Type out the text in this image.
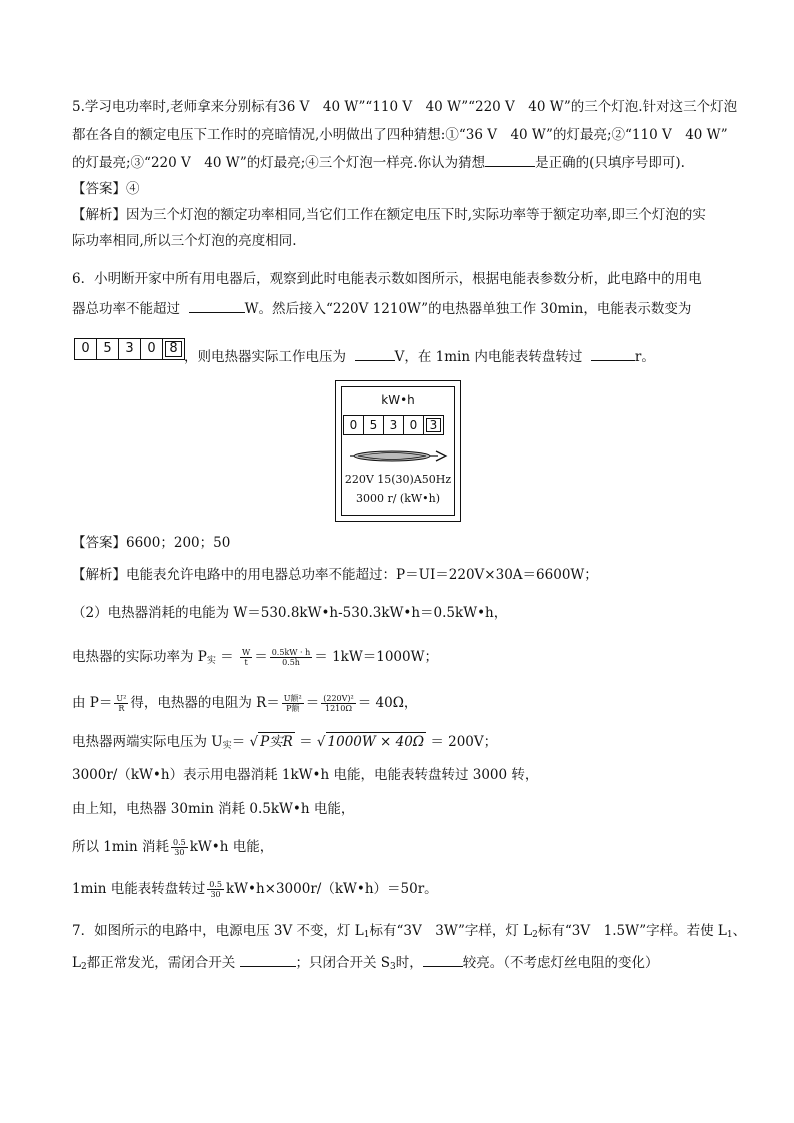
5.学习电功率时,老师拿来分别标有36 V　40 W”“110 V　40 W”“220 V　40 W”的三个灯泡.针对这三个灯泡
都在各自的额定电压下工作时的亮暗情况,小明做出了四种猜想:①“36 V　40 W”的灯最亮;②“110 V　40 W”
的灯最亮;③“220 V　40 W”的灯最亮;④三个灯泡一样亮.你认为猜想	是正确的(只填序号即可).
【答案】④
【解析】因为三个灯泡的额定功率相同,当它们工作在额定电压下时,实际功率等于额定功率,即三个灯泡的实
际功率相同,所以三个灯泡的亮度相同.
6．小明断开家中所有用电器后，观察到此时电能表示数如图所示，根据电能表参数分析，此电路中的用电
器总功率不能超过	W。然后接入“220V 1210W”的电热器单独工作 30min，电能表示数变为
0	5	3	0	8
，则电热器实际工作电压为	V，在 1min 内电能表转盘转过	r。
kW•h
0	5	3	0	3
220V 15(30)A50Hz
3000 r/ (kW•h)
【答案】6600；200；50
【解析】电能表允许电路中的用电器总功率不能超过：P＝UI＝220V×30A＝6600W；
（2）电热器消耗的电能为 W＝530.8kW•h-530.3kW•h＝0.5kW•h，
电热器的实际功率为 $P_实 = \frac{W}{t} = \frac{0.5kW \cdot h}{0.5h} = 1kW=1000W$；
由 $P= \frac{\text{U²}}{R}$ 得，电热器的电阻为 $R= \frac{\text{U额²}}{\text{P额}} = \frac{\text{(220V)²}}{1210\Omega} = 40\Omega$，
电热器两端实际电压为 $U_实=$ √ P实R ＝ √ 1000W × 40Ω ＝ 200V；
3000r/（kW•h）表示用电器消耗 1kW•h 电能，电能表转盘转过 3000 转，
由上知，电热器 30min 消耗 0.5kW•h 电能，
所以 1min 消耗 $\frac{0.5}{30}$ kW•h 电能，
1min 电能表转盘转过 $\frac{0.5}{30}$ kW•h×3000r/（kW•h）＝50r。
7．如图所示的电路中，电源电压 3V 不变，灯 $L_1$标有“3V　3W”字样，灯 $L_2$标有“3V　1.5W”字样。若使 $L_1$、
$L_2$都正常发光，需闭合开关	；只闭合开关 $S_3$时，	较亮。（不考虑灯丝电阻的变化）
